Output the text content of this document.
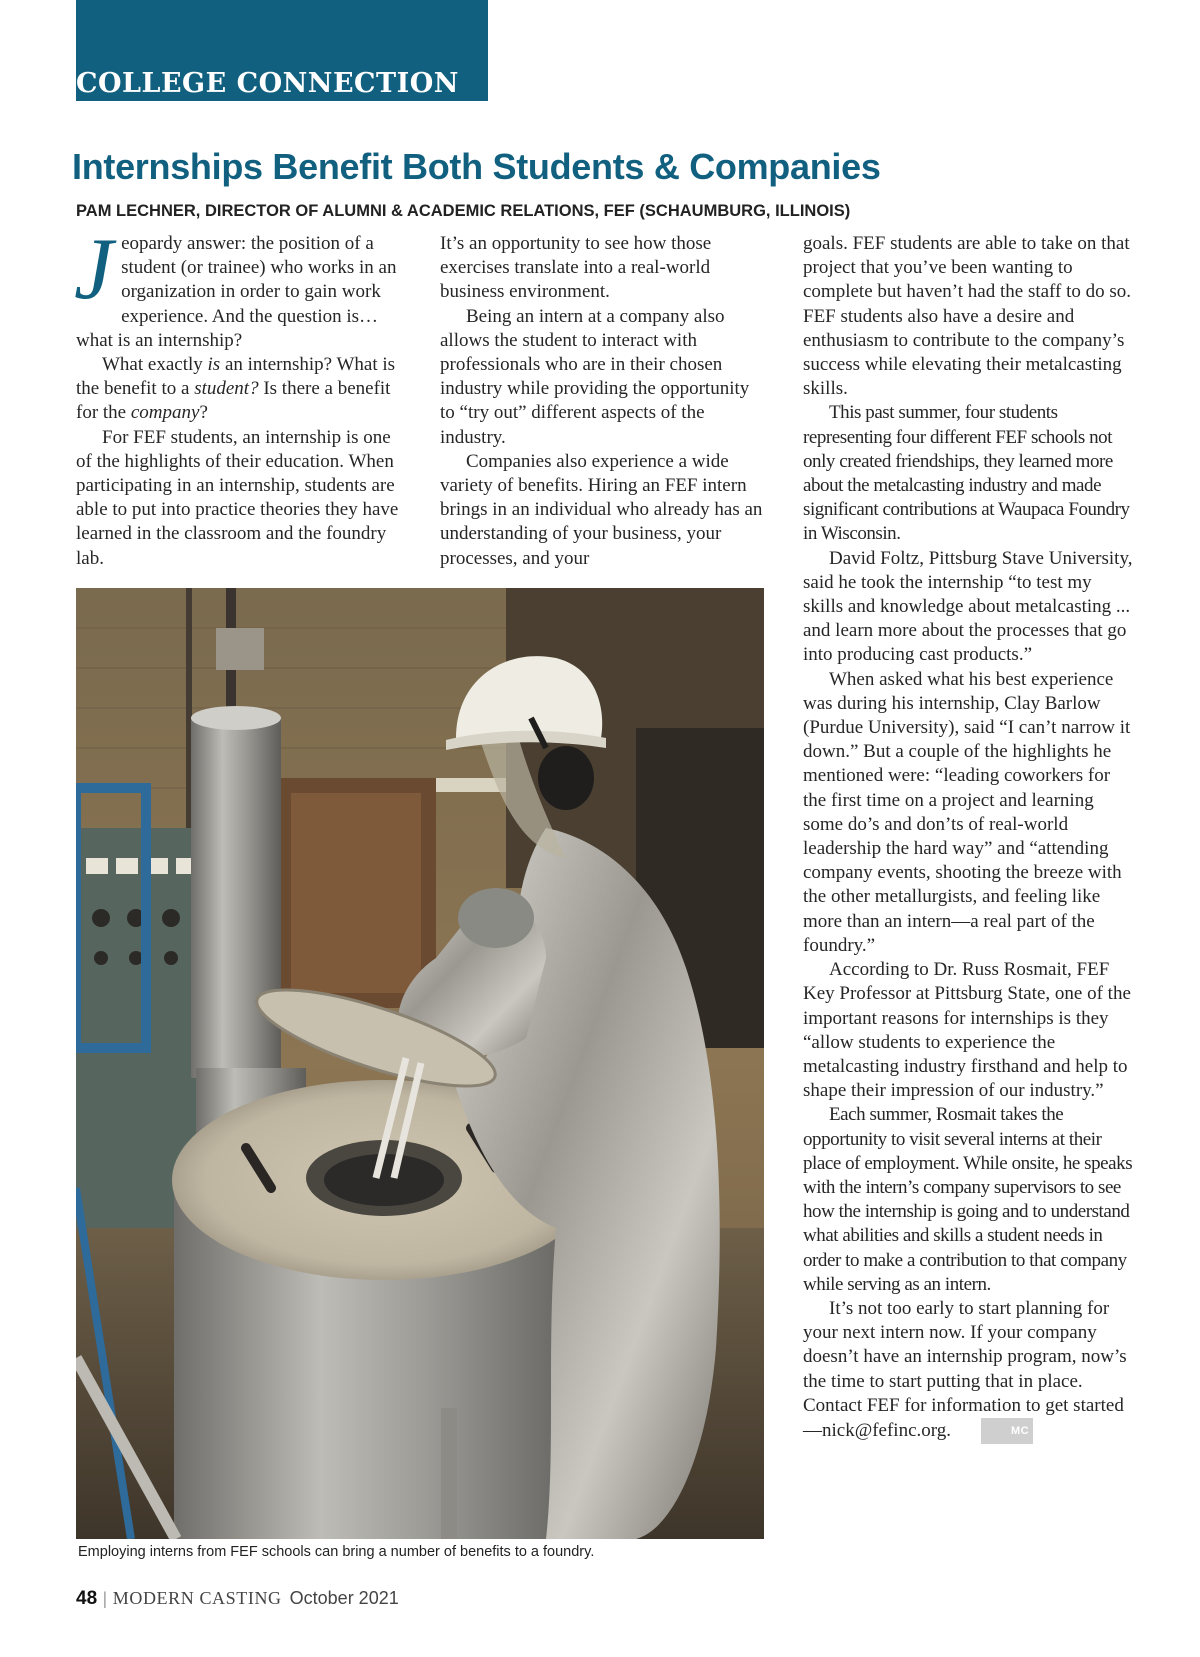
COLLEGE CONNECTION
Internships Benefit Both Students & Companies
PAM LECHNER, DIRECTOR OF ALUMNI & ACADEMIC RELATIONS, FEF (SCHAUMBURG, ILLINOIS)

Jeopardy answer: the position of a student (or trainee) who works in an organization in order to gain work experience. And the question is…what is an internship?

What exactly is an internship? What is the benefit to a student? Is there a benefit for the company?

For FEF students, an internship is one of the highlights of their education. When participating in an internship, students are able to put into practice theories they have learned in the classroom and the foundry lab.

It’s an opportunity to see how those exercises translate into a real-world business environment.

Being an intern at a company also allows the student to interact with professionals who are in their chosen industry while providing the opportunity to “try out” different aspects of the industry.

Companies also experience a wide variety of benefits. Hiring an FEF intern brings in an individual who already has an understanding of your business, your processes, and your

goals. FEF students are able to take on that project that you’ve been wanting to complete but haven’t had the staff to do so. FEF students also have a desire and enthusiasm to contribute to the company’s success while elevating their metalcasting skills.

This past summer, four students representing four different FEF schools not only created friendships, they learned more about the metalcasting industry and made significant contributions at Waupaca Foundry in Wisconsin.

David Foltz, Pittsburg Stave University, said he took the internship “to test my skills and knowledge about metalcasting ... and learn more about the processes that go into producing cast products.”

When asked what his best experience was during his internship, Clay Barlow (Purdue University), said “I can’t narrow it down.” But a couple of the highlights he mentioned were: “leading coworkers for the first time on a project and learning some do’s and don’ts of real-world leadership the hard way” and “attending company events, shooting the breeze with the other metallurgists, and feeling like more than an intern—a real part of the foundry.”

According to Dr. Russ Rosmait, FEF Key Professor at Pittsburg State, one of the important reasons for internships is they “allow students to experience the metalcasting industry firsthand and help to shape their impression of our industry.”

Each summer, Rosmait takes the opportunity to visit several interns at their place of employment. While onsite, he speaks with the intern’s company supervisors to see how the internship is going and to understand what abilities and skills a student needs in order to make a contribution to that company while serving as an intern.

It’s not too early to start planning for your next intern now. If your company doesn’t have an internship program, now’s the time to start putting that in place. Contact FEF for information to get started—nick@fefinc.org.	MC

Employing interns from FEF schools can bring a number of benefits to a foundry.
48 | MODERN CASTING October 2021
